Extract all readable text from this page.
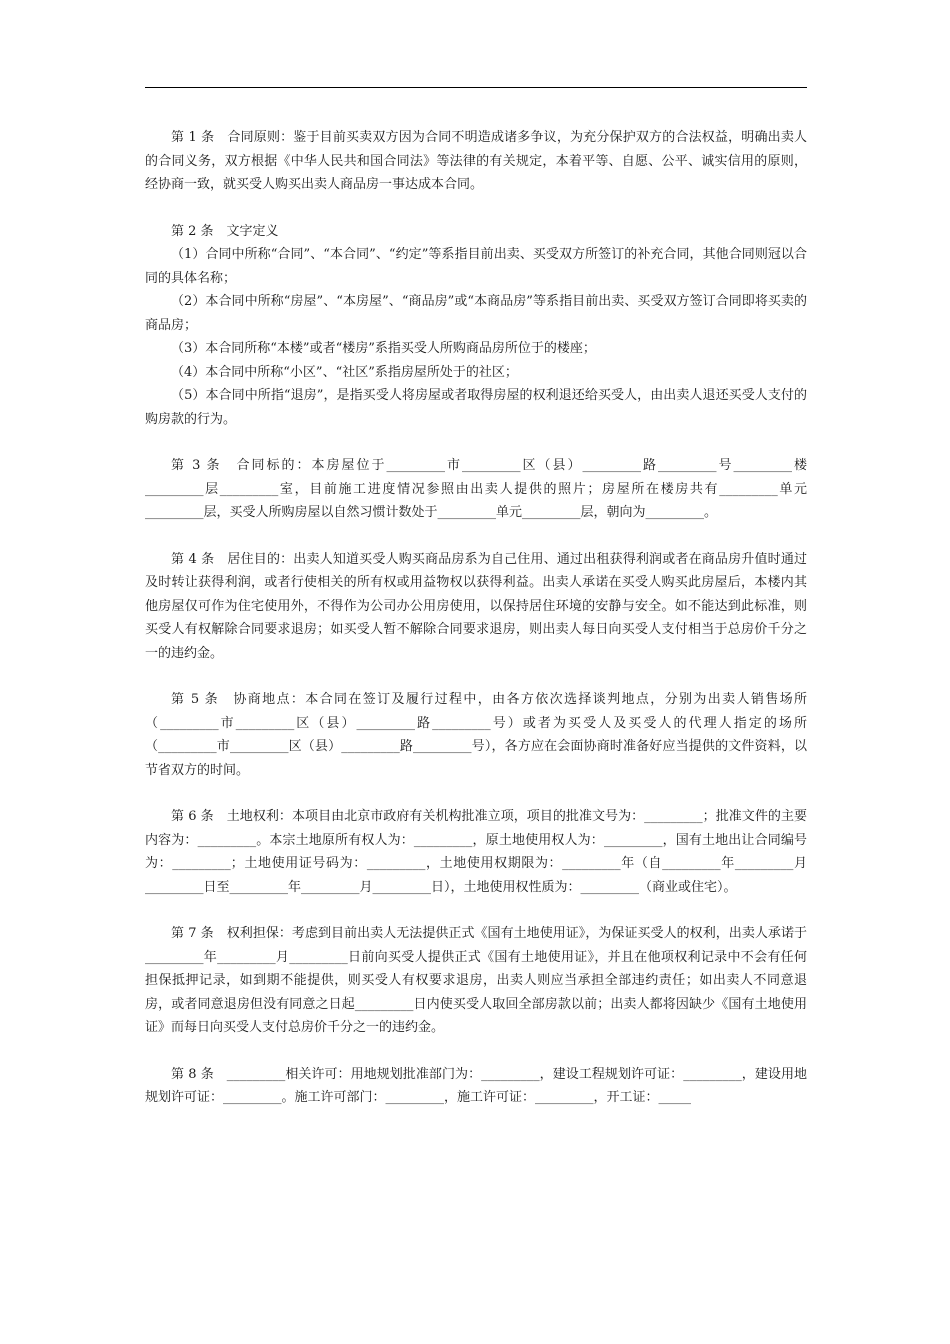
第 1 条　合同原则：鉴于目前买卖双方因为合同不明造成诸多争议，为充分保护双方的合法权益，明确出卖人的合同义务，双方根据《中华人民共和国合同法》等法律的有关规定，本着平等、自愿、公平、诚实信用的原则，经协商一致，就买受人购买出卖人商品房一事达成本合同。

第 2 条　文字定义

（1）合同中所称“合同”、“本合同”、“约定”等系指目前出卖、买受双方所签订的补充合同，其他合同则冠以合同的具体名称；

（2）本合同中所称“房屋”、“本房屋”、“商品房”或“本商品房”等系指目前出卖、买受双方签订合同即将买卖的商品房；

（3）本合同所称“本楼”或者“楼房”系指买受人所购商品房所位于的楼座；

（4）本合同中所称“小区”、“社区”系指房屋所处于的社区；

（5）本合同中所指“退房”，是指买受人将房屋或者取得房屋的权利退还给买受人，由出卖人退还买受人支付的购房款的行为。

第 3 条　合同标的：本房屋位于_________市_________区（县）_________路_________号_________楼_________层_________室，目前施工进度情况参照由出卖人提供的照片；房屋所在楼房共有_________单元_________层，买受人所购房屋以自然习惯计数处于_________单元_________层，朝向为_________。

第 4 条　居住目的：出卖人知道买受人购买商品房系为自己住用、通过出租获得利润或者在商品房升值时通过及时转让获得利润，或者行使相关的所有权或用益物权以获得利益。出卖人承诺在买受人购买此房屋后，本楼内其他房屋仅可作为住宅使用外，不得作为公司办公用房使用，以保持居住环境的安静与安全。如不能达到此标准，则买受人有权解除合同要求退房；如买受人暂不解除合同要求退房，则出卖人每日向买受人支付相当于总房价千分之一的违约金。

第 5 条　协商地点：本合同在签订及履行过程中，由各方依次选择谈判地点，分别为出卖人销售场所（_________市_________区（县）_________路_________号）或者为买受人及买受人的代理人指定的场所（_________市_________区（县）_________路_________号），各方应在会面协商时准备好应当提供的文件资料，以节省双方的时间。

第 6 条　土地权利：本项目由北京市政府有关机构批准立项，项目的批准文号为：_________；批准文件的主要内容为：_________。本宗土地原所有权人为：_________，原土地使用权人为：_________，国有土地出让合同编号为：_________；土地使用证号码为：_________，土地使用权期限为：_________年（自_________年_________月_________日至_________年_________月_________日），土地使用权性质为：_________（商业或住宅）。

第 7 条　权利担保：考虑到目前出卖人无法提供正式《国有土地使用证》，为保证买受人的权利，出卖人承诺于_________年_________月_________日前向买受人提供正式《国有土地使用证》，并且在他项权利记录中不会有任何担保抵押记录，如到期不能提供，则买受人有权要求退房，出卖人则应当承担全部违约责任；如出卖人不同意退房，或者同意退房但没有同意之日起_________日内使买受人取回全部房款以前；出卖人都将因缺少《国有土地使用证》而每日向买受人支付总房价千分之一的违约金。

第 8 条　_________相关许可：用地规划批准部门为：_________，建设工程规划许可证：_________，建设用地规划许可证：_________。施工许可部门：_________，施工许可证：_________，开工证：_____
